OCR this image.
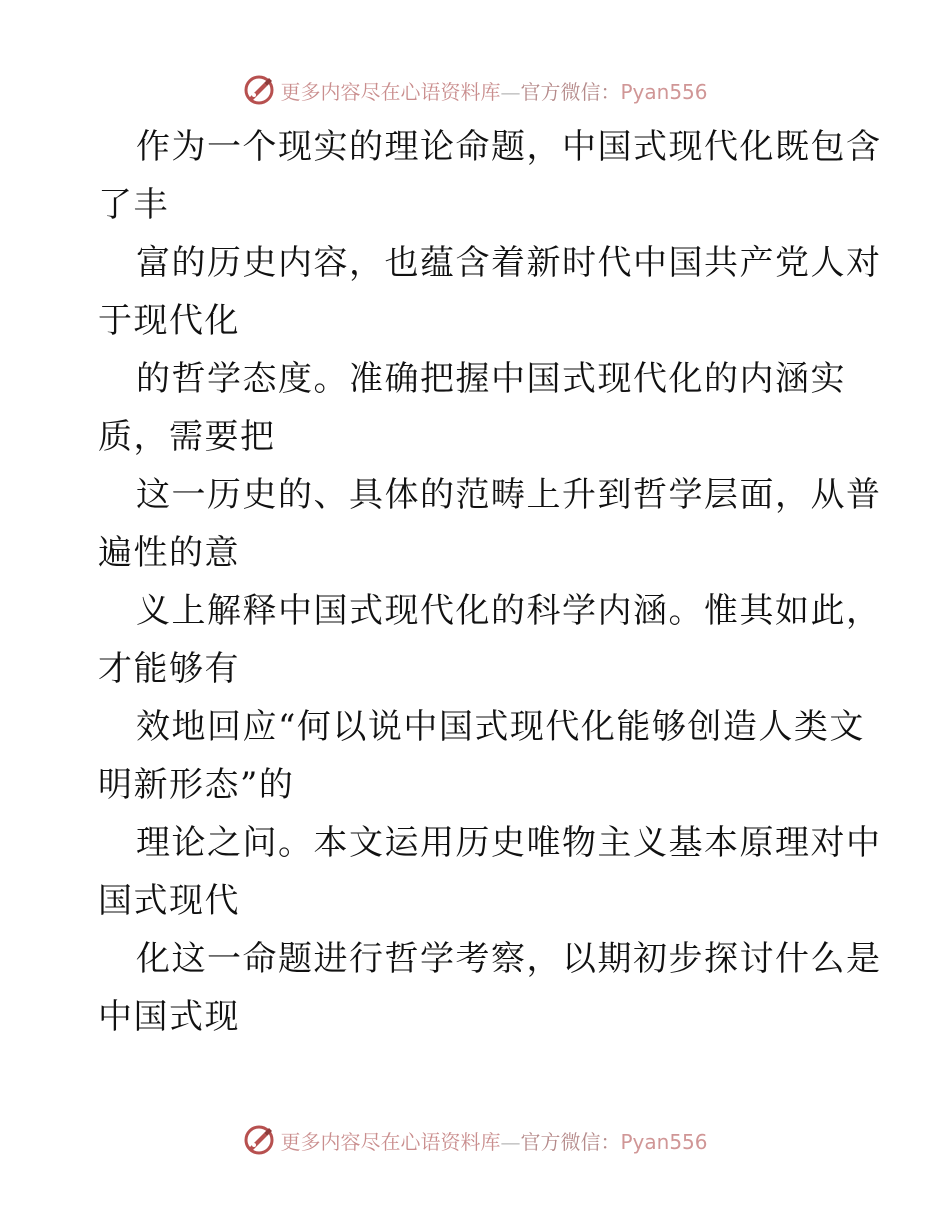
更多内容尽在心语资料库—官方微信：Pyan556
作为一个现实的理论命题，中国式现代化既包含
了丰
富的历史内容，也蕴含着新时代中国共产党人对
于现代化
的哲学态度。准确把握中国式现代化的内涵实
质，需要把
这一历史的、具体的范畴上升到哲学层面，从普
遍性的意
义上解释中国式现代化的科学内涵。惟其如此，
才能够有
效地回应“何以说中国式现代化能够创造人类文
明新形态”的
理论之问。本文运用历史唯物主义基本原理对中
国式现代
化这一命题进行哲学考察，以期初步探讨什么是
中国式现
更多内容尽在心语资料库—官方微信：Pyan556
